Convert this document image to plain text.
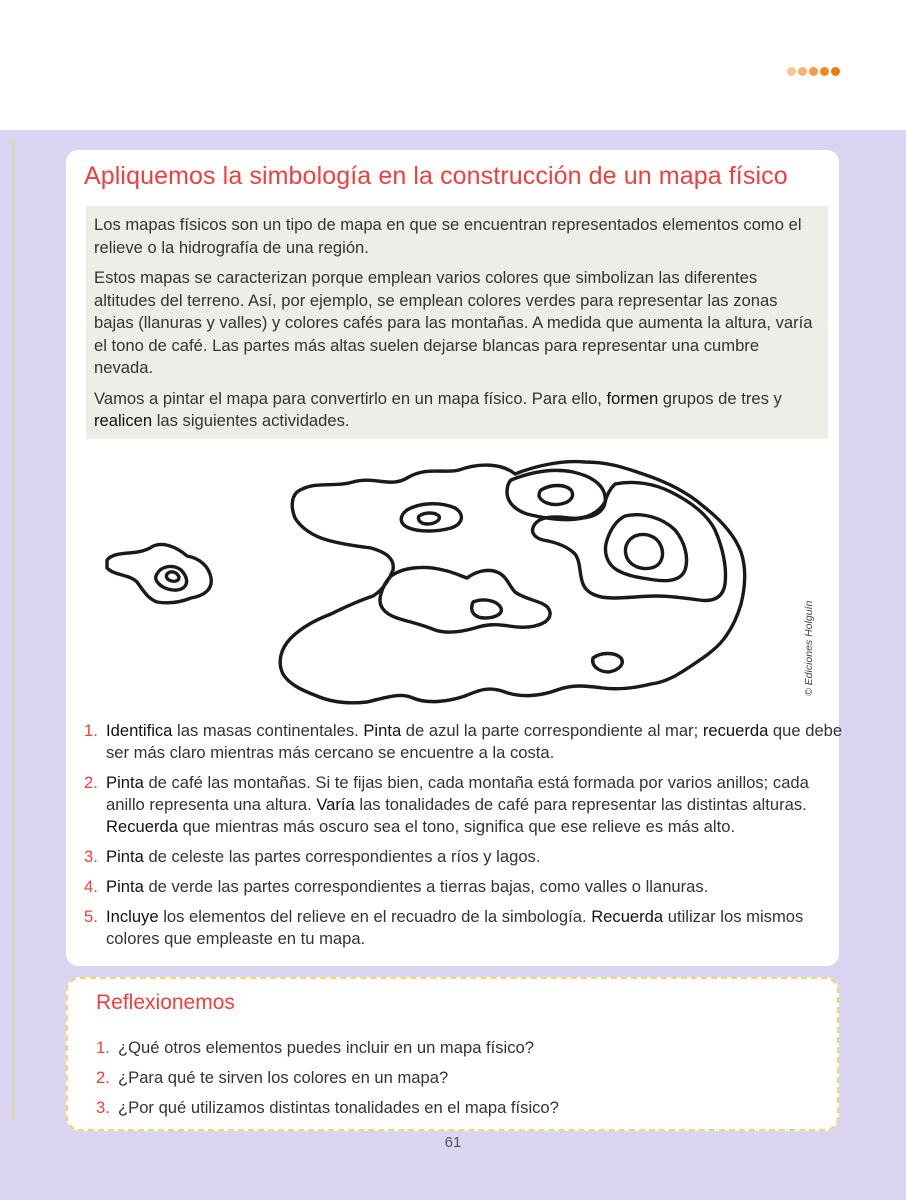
Apliquemos la simbología en la construcción de un mapa físico

Los mapas físicos son un tipo de mapa en que se encuentran representados elementos como el relieve o la hidrografía de una región.

Estos mapas se caracterizan porque emplean varios colores que simbolizan las diferentes altitudes del terreno. Así, por ejemplo, se emplean colores verdes para representar las zonas bajas (llanuras y valles) y colores cafés para las montañas. A medida que aumenta la altura, varía el tono de café. Las partes más altas suelen dejarse blancas para representar una cumbre nevada.

Vamos a pintar el mapa para convertirlo en un mapa físico. Para ello, formen grupos de tres y realicen las siguientes actividades.

© Ediciones Holguín
1. Identifica las masas continentales. Pinta de azul la parte correspondiente al mar; recuerda que debe ser más claro mientras más cercano se encuentre a la costa.
2. Pinta de café las montañas. Si te fijas bien, cada montaña está formada por varios anillos; cada anillo representa una altura. Varía las tonalidades de café para representar las distintas alturas. Recuerda que mientras más oscuro sea el tono, significa que ese relieve es más alto.
3. Pinta de celeste las partes correspondientes a ríos y lagos.
4. Pinta de verde las partes correspondientes a tierras bajas, como valles o llanuras.
5. Incluye los elementos del relieve en el recuadro de la simbología. Recuerda utilizar los mismos colores que empleaste en tu mapa.
Reflexionemos
1. ¿Qué otros elementos puedes incluir en un mapa físico?
2. ¿Para qué te sirven los colores en un mapa?
3. ¿Por qué utilizamos distintas tonalidades en el mapa físico?
61
